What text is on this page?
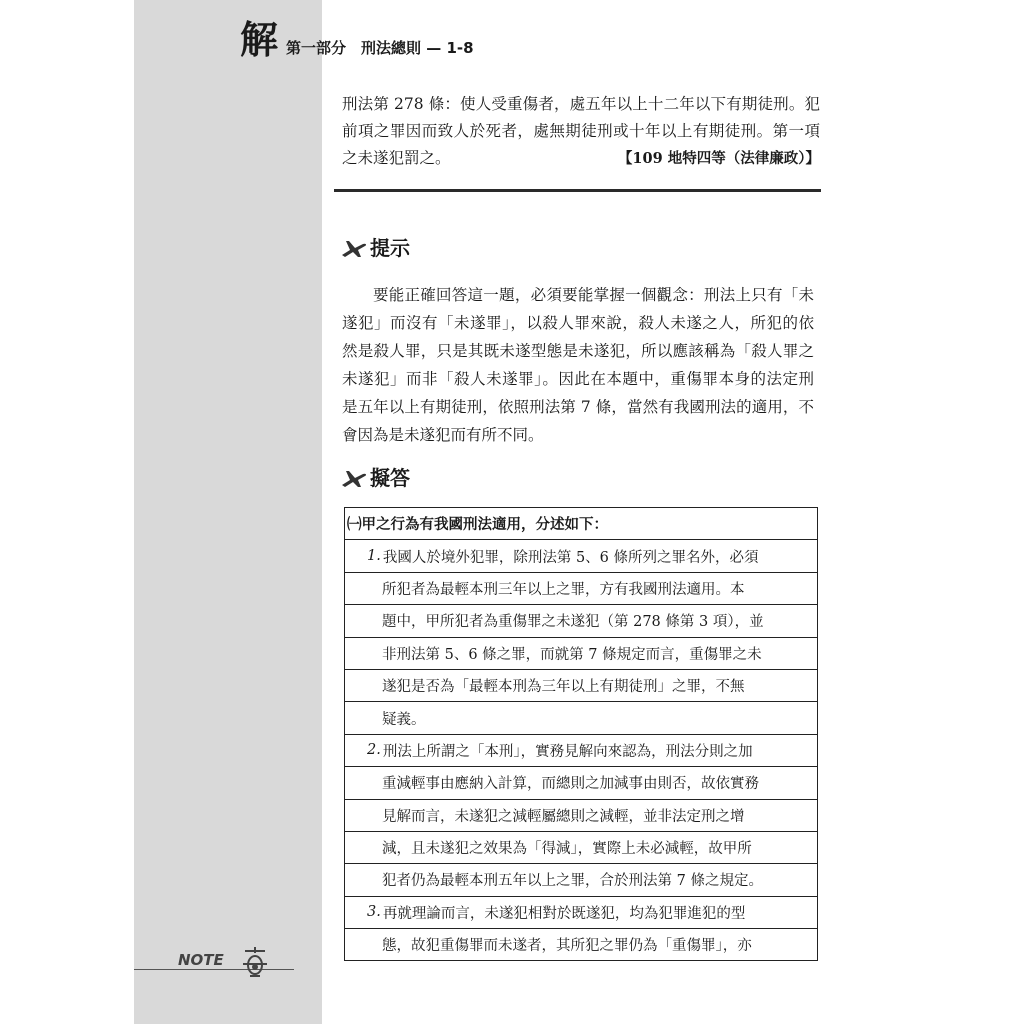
解 第一部分　刑法總則 — 1-8

刑法第 278 條：使人受重傷者，處五年以上十二年以下有期徒刑。犯前項之罪因而致人於死者，處無期徒刑或十年以上有期徒刑。第一項之未遂犯罰之。	【109 地特四等（法律廉政）】

提示

要能正確回答這一題，必須要能掌握一個觀念：刑法上只有「未遂犯」而沒有「未遂罪」，以殺人罪來說，殺人未遂之人，所犯的依然是殺人罪，只是其既未遂型態是未遂犯，所以應該稱為「殺人罪之未遂犯」而非「殺人未遂罪」。因此在本題中，重傷罪本身的法定刑是五年以上有期徒刑，依照刑法第 7 條，當然有我國刑法的適用，不會因為是未遂犯而有所不同。

擬答
㈠甲之行為有我國刑法適用，分述如下：
1. 我國人於境外犯罪，除刑法第 5、6 條所列之罪名外，必須
所犯者為最輕本刑三年以上之罪，方有我國刑法適用。本
題中，甲所犯者為重傷罪之未遂犯（第 278 條第 3 項），並
非刑法第 5、6 條之罪，而就第 7 條規定而言，重傷罪之未
遂犯是否為「最輕本刑為三年以上有期徒刑」之罪，不無
疑義。
2. 刑法上所謂之「本刑」，實務見解向來認為，刑法分則之加
重減輕事由應納入計算，而總則之加減事由則否，故依實務
見解而言，未遂犯之減輕屬總則之減輕，並非法定刑之增
減，且未遂犯之效果為「得減」，實際上未必減輕，故甲所
犯者仍為最輕本刑五年以上之罪，合於刑法第 7 條之規定。
3. 再就理論而言，未遂犯相對於既遂犯，均為犯罪進犯的型
態，故犯重傷罪而未遂者，其所犯之罪仍為「重傷罪」，亦
NOTE
